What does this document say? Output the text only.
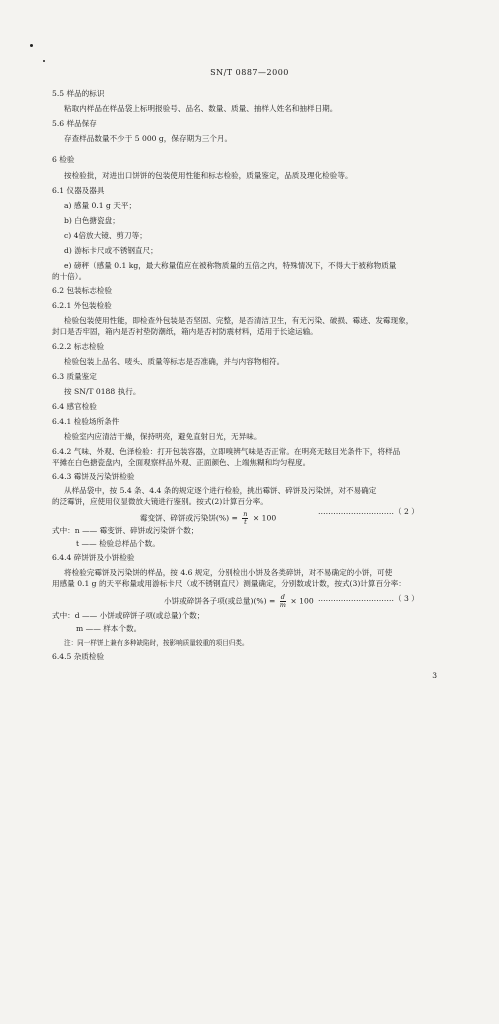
SN/T 0887—2000
5.5 样品的标识
粘取内样品在样品袋上标明报验号、品名、数量、质量、抽样人姓名和抽样日期。
5.6 样品保存
存查样品数量不少于 5 000 g，保存期为三个月。
6 检验
按检验批，对进出口饼饼的包装使用性能和标志检验，质量鉴定，品质及理化检验等。
6.1 仪器及器具
a) 感量 0.1 g 天平；
b) 白色搪瓷盘；
c) 4倍放大镜、剪刀等；
d) 游标卡尺或不锈钢直尺；
e) 磅秤（感量 0.1 kg，最大称量值应在被称物质量的五倍之内，特殊情况下，不得大于被称物质量
的十倍）。
6.2 包装标志检验
6.2.1 外包装检验
检验包装使用性能，即检查外包装是否坚固、完整，是否清洁卫生，有无污染、破损、霉迹、发霉现象，
封口是否牢固，箱内是否衬垫防潮纸，箱内是否衬防震材料，适用于长途运输。
6.2.2 标志检验
检验包装上品名、唛头、质量等标志是否准确，并与内容物相符。
6.3 质量鉴定
按 SN/T 0188 执行。
6.4 感官检验
6.4.1 检验场所条件
检验室内应清洁干燥，保持明亮，避免直射日光，无异味。
6.4.2 气味、外观、色泽检验：打开包装容器，立即嗅辨气味是否正常。在明亮无眩目光条件下，将样品
平摊在白色搪瓷盘内，全面观察样品外观、正面颜色、上端焦糊和均匀程度。
6.4.3 霉饼及污染饼检验
从样品袋中，按 5.4 条、4.4 条的规定逐个进行检验，挑出霉饼、碎饼及污染饼，对不易确定
的泛霉饼，应使用仪显微放大镜进行鉴别。按式(2)计算百分率。
霉变饼、碎饼或污染饼(%) = $\frac{n}{t} \times 100$
…………………………（ 2 ）
式中：n —— 霉变饼、碎饼或污染饼个数；
t —— 检验总样品个数。
6.4.4 碎饼饼及小饼检验
将检验完霉饼及污染饼的样品，按 4.6 规定，分别检出小饼及各类碎饼，对不易确定的小饼，可使
用感量 0.1 g 的天平称量或用游标卡尺（或不锈钢直尺）测量确定，分别数或计数，按式(3)计算百分率：
小饼或碎饼各子项(或总量)(%) = $\frac{d}{m} \times 100$ …………………………（ 3 ）
式中：d —— 小饼或碎饼子项(或总量)个数；
m —— 样本个数。
注：同一样饼上兼有多种缺陷时，按影响质量较重的项目归类。
6.4.5 杂质检验
3
